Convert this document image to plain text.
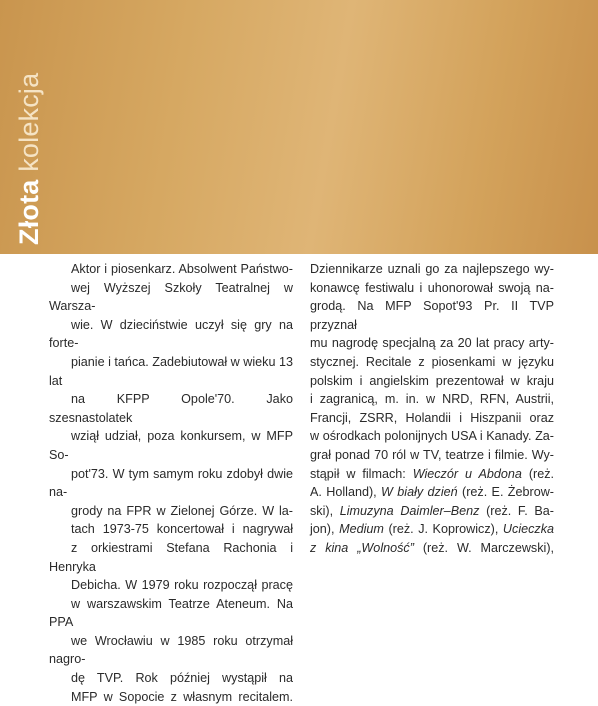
Złota kolekcja

Aktor i piosenkarz. Absolwent Państwo-
wej Wyższej Szkoły Teatralnej w Warsza-
wie. W dzieciństwie uczył się gry na forte-
pianie i tańca. Zadebiutował w wieku 13 lat
na KFPP Opole'70. Jako szesnastolatek
wziął udział, poza konkursem, w MFP So-
pot'73. W tym samym roku zdobył dwie na-
grody na FPR w Zielonej Górze. W la-
tach 1973-75 koncertował i nagrywał
z orkiestrami Stefana Rachonia i Henryka
Debicha. W 1979 roku rozpoczął pracę
w warszawskim Teatrze Ateneum. Na PPA
we Wrocławiu w 1985 roku otrzymał nagro-
dę TVP. Rok później wystąpił na
MFP w Sopocie z własnym recitalem.

Dziennikarze uznali go za najlepszego wy-
konawcę festiwalu i uhonorował swoją na-
grodą. Na MFP Sopot'93 Pr. II TVP przyznał
mu nagrodę specjalną za 20 lat pracy arty-
stycznej. Recitale z piosenkami w języku
polskim i angielskim prezentował w kraju
i zagranicą, m. in. w NRD, RFN, Austrii,
Francji, ZSRR, Holandii i Hiszpanii oraz
w ośrodkach polonijnych USA i Kanady. Za-
grał ponad 70 ról w TV, teatrze i filmie. Wy-
stąpił w filmach: Wieczór u Abdona (reż.
A. Holland), W biały dzień (reż. E. Żebrow-
ski), Limuzyna Daimler–Benz (reż. F. Ba-
jon), Medium (reż. J. Koprowicz), Ucieczka
z kina „Wolność” (reż. W. Marczewski),
